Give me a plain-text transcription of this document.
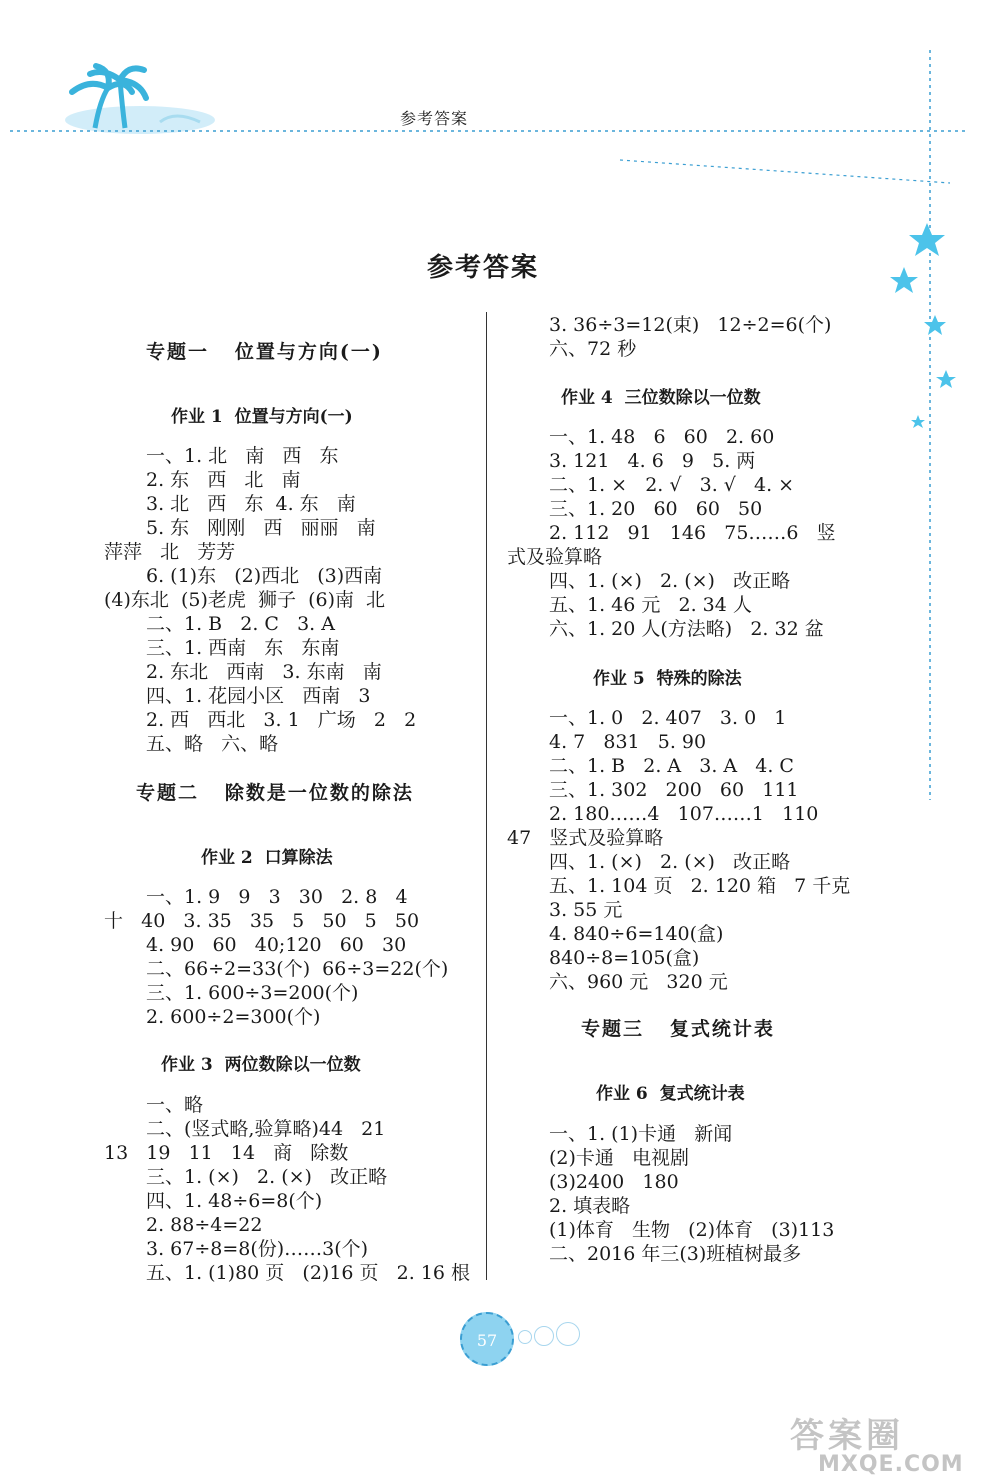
参考答案
参考答案
专题一   位置与方向(一)
作业 1  位置与方向(一)
一、1. 北   南   西   东
2. 东   西   北   南
3. 北   西   东  4. 东   南
5. 东   刚刚   西   丽丽   南
萍萍   北   芳芳
6. (1)东   (2)西北   (3)西南
(4)东北  (5)老虎  狮子  (6)南  北
二、1. B   2. C   3. A
三、1. 西南   东   东南
2. 东北   西南   3. 东南   南
四、1. 花园小区   西南   3
2. 西   西北   3. 1   广场   2   2
五、略   六、略
专题二   除数是一位数的除法
作业 2  口算除法
一、1. 9   9   3   30   2. 8   4
十   40   3. 35   35   5   50   5   50
4. 90   60   40;120   60   30
二、66÷2=33(个)  66÷3=22(个)
三、1. 600÷3=200(个)
2. 600÷2=300(个)
作业 3  两位数除以一位数
一、略
二、(竖式略,验算略)44   21
13   19   11   14   商   除数
三、1. (×)   2. (×)   改正略
四、1. 48÷6=8(个)
2. 88÷4=22
3. 67÷8=8(份)……3(个)
五、1. (1)80 页   (2)16 页   2. 16 根
3. 36÷3=12(束)   12÷2=6(个)
六、72 秒
作业 4  三位数除以一位数
一、1. 48   6   60   2. 60
3. 121   4. 6   9   5. 两
二、1. ×   2. √   3. √   4. ×
三、1. 20   60   60   50
2. 112   91   146   75……6   竖
式及验算略
四、1. (×)   2. (×)   改正略
五、1. 46 元   2. 34 人
六、1. 20 人(方法略)   2. 32 盆
作业 5  特殊的除法
一、1. 0   2. 407   3. 0   1
4. 7   831   5. 90
二、1. B   2. A   3. A   4. C
三、1. 302   200   60   111
2. 180……4   107……1   110
47   竖式及验算略
四、1. (×)   2. (×)   改正略
五、1. 104 页   2. 120 箱   7 千克
3. 55 元
4. 840÷6=140(盒)
840÷8=105(盒)
六、960 元   320 元
专题三   复式统计表
作业 6  复式统计表
一、1. (1)卡通   新闻
(2)卡通   电视剧
(3)2400   180
2. 填表略
(1)体育   生物   (2)体育   (3)113
二、2016 年三(3)班植树最多
57
答案圈
MXQE.COM
